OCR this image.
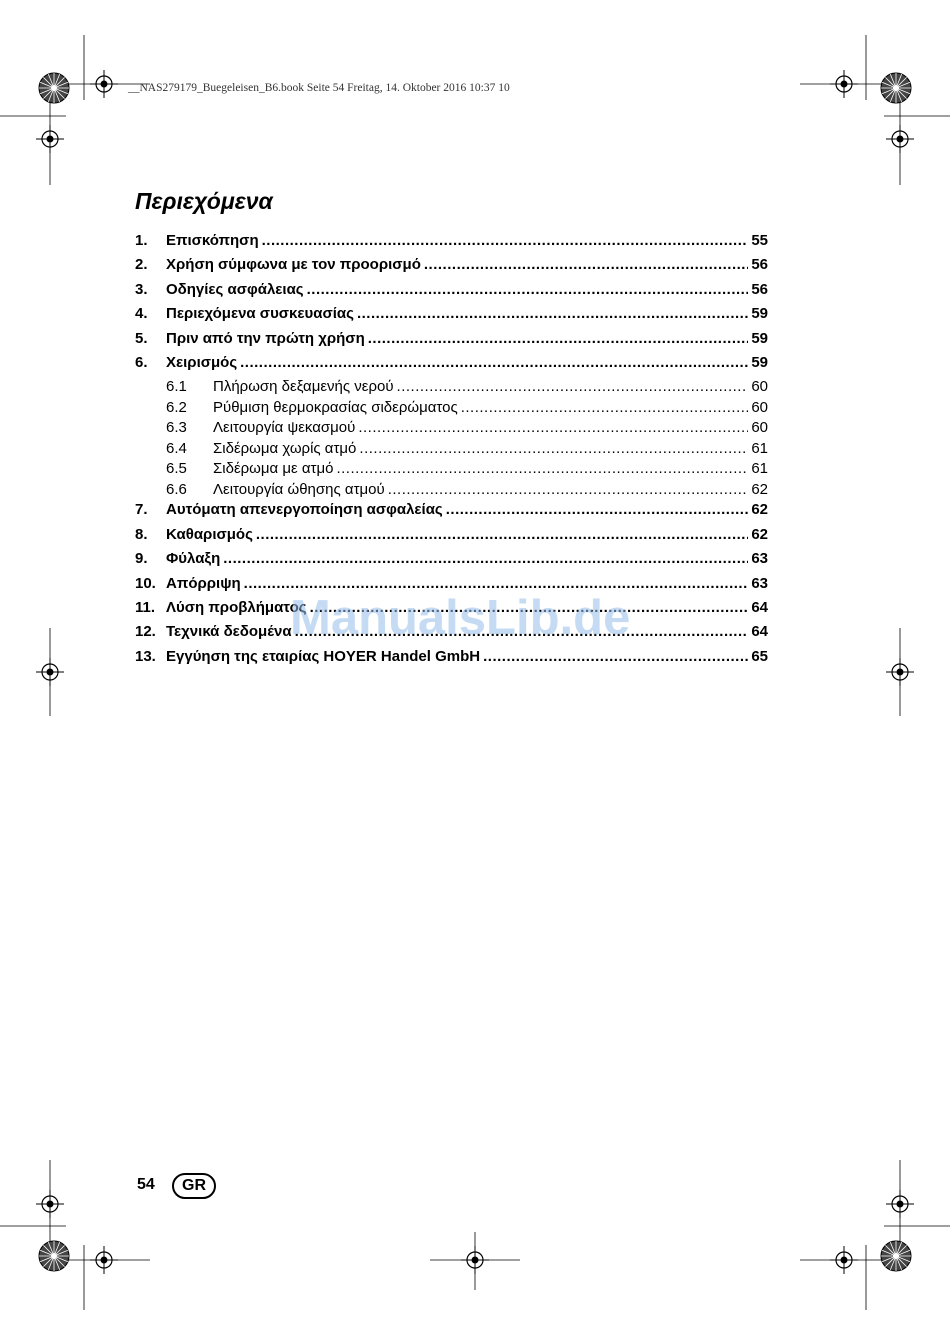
__NAS279179_Buegeleisen_B6.book Seite 54 Freitag, 14. Oktober 2016 10:37 10
Περιεχόμενα
1.	Επισκόπηση .....	55
2.	Χρήση σύμφωνα με τον προορισμό .....	56
3.	Οδηγίες ασφάλειας .....	56
4.	Περιεχόμενα συσκευασίας .....	59
5.	Πριν από την πρώτη χρήση .....	59
6.	Χειρισμός .....	59
6.1	Πλήρωση δεξαμενής νερού .....	60
6.2	Ρύθμιση θερμοκρασίας σιδερώματος .....	60
6.3	Λειτουργία ψεκασμού .....	60
6.4	Σιδέρωμα χωρίς ατμό .....	61
6.5	Σιδέρωμα με ατμό .....	61
6.6	Λειτουργία ώθησης ατμού .....	62
7.	Αυτόματη απενεργοποίηση ασφαλείας .....	62
8.	Καθαρισμός .....	62
9.	Φύλαξη .....	63
10. Απόρριψη .....	63
11. Λύση προβλήματος .....	64
12. Τεχνικά δεδομένα .....	64
13. Εγγύηση της εταιρίας HOYER Handel GmbH .....	65
ManualsLib.de
54	GR
